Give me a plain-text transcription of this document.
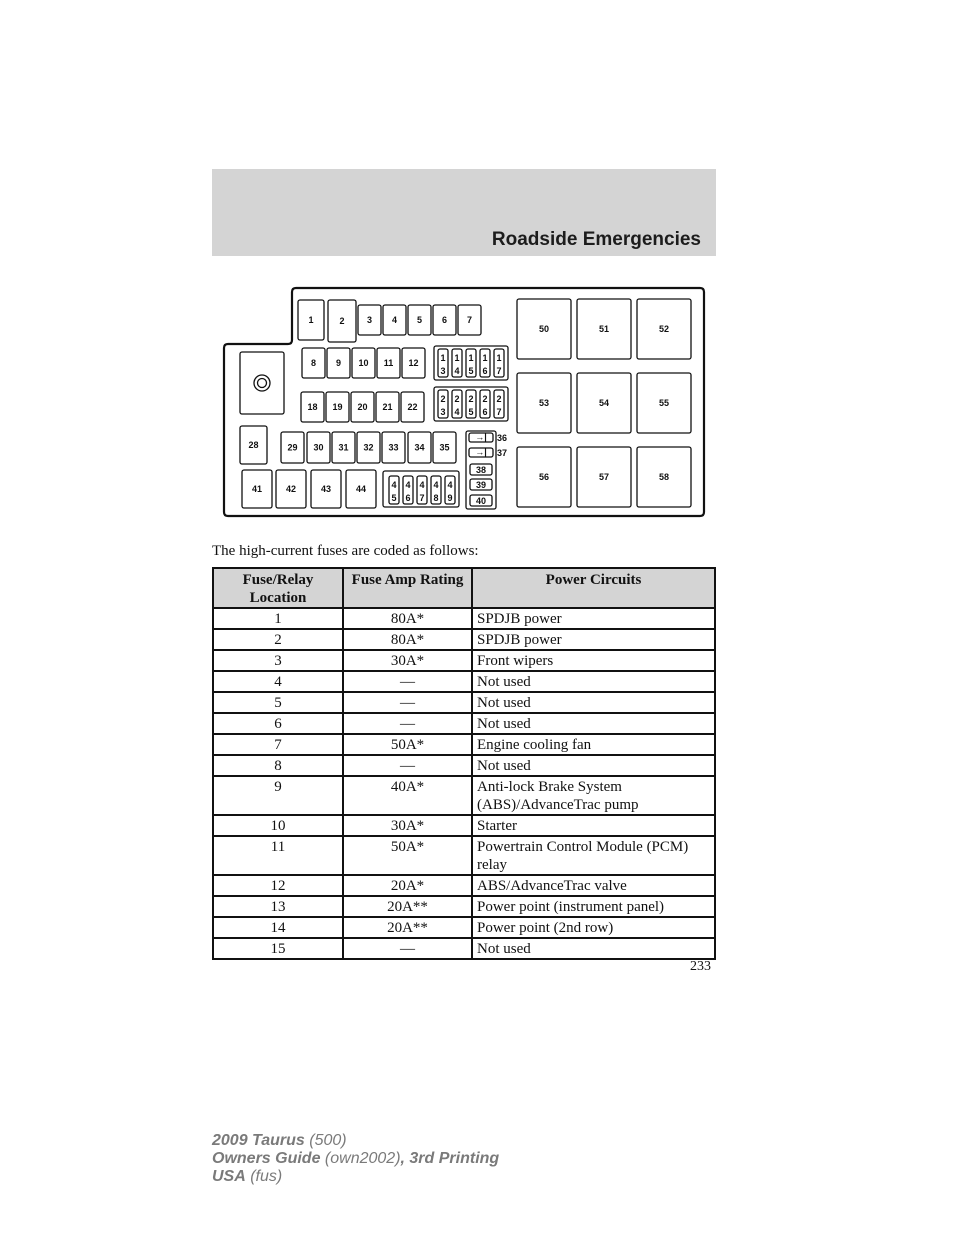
Roadside Emergencies
1	2 3 4 5 6 7
8 9 10 11 12 1
3
1
4
1
5
1
6
1
7
18 19 20 21 22
2
3
2
4
2
5
2
6
2
7
28	29 30 31 32 33 34 35
→| 36
→| 37
38
39
40
41	42	43	44	4
5
4
6
4
7
4
8
4
9
50	51	52
53	54	55
56	57	58
The high-current fuses are coded as follows:
Fuse/Relay Location	Fuse Amp Rating	Power Circuits
1	80A*	SPDJB power
2	80A*	SPDJB power
3	30A*	Front wipers
4	—	Not used
5	—	Not used
6	—	Not used
7	50A*	Engine cooling fan
8	—	Not used
9	40A*	Anti-lock Brake System (ABS)/AdvanceTrac pump
10	30A*	Starter
11	50A*	Powertrain Control Module (PCM) relay
12	20A*	ABS/AdvanceTrac valve
13	20A**	Power point (instrument panel)
14	20A**	Power point (2nd row)
15	—	Not used
233
2009 Taurus (500)
Owners Guide (own2002), 3rd Printing
USA (fus)
